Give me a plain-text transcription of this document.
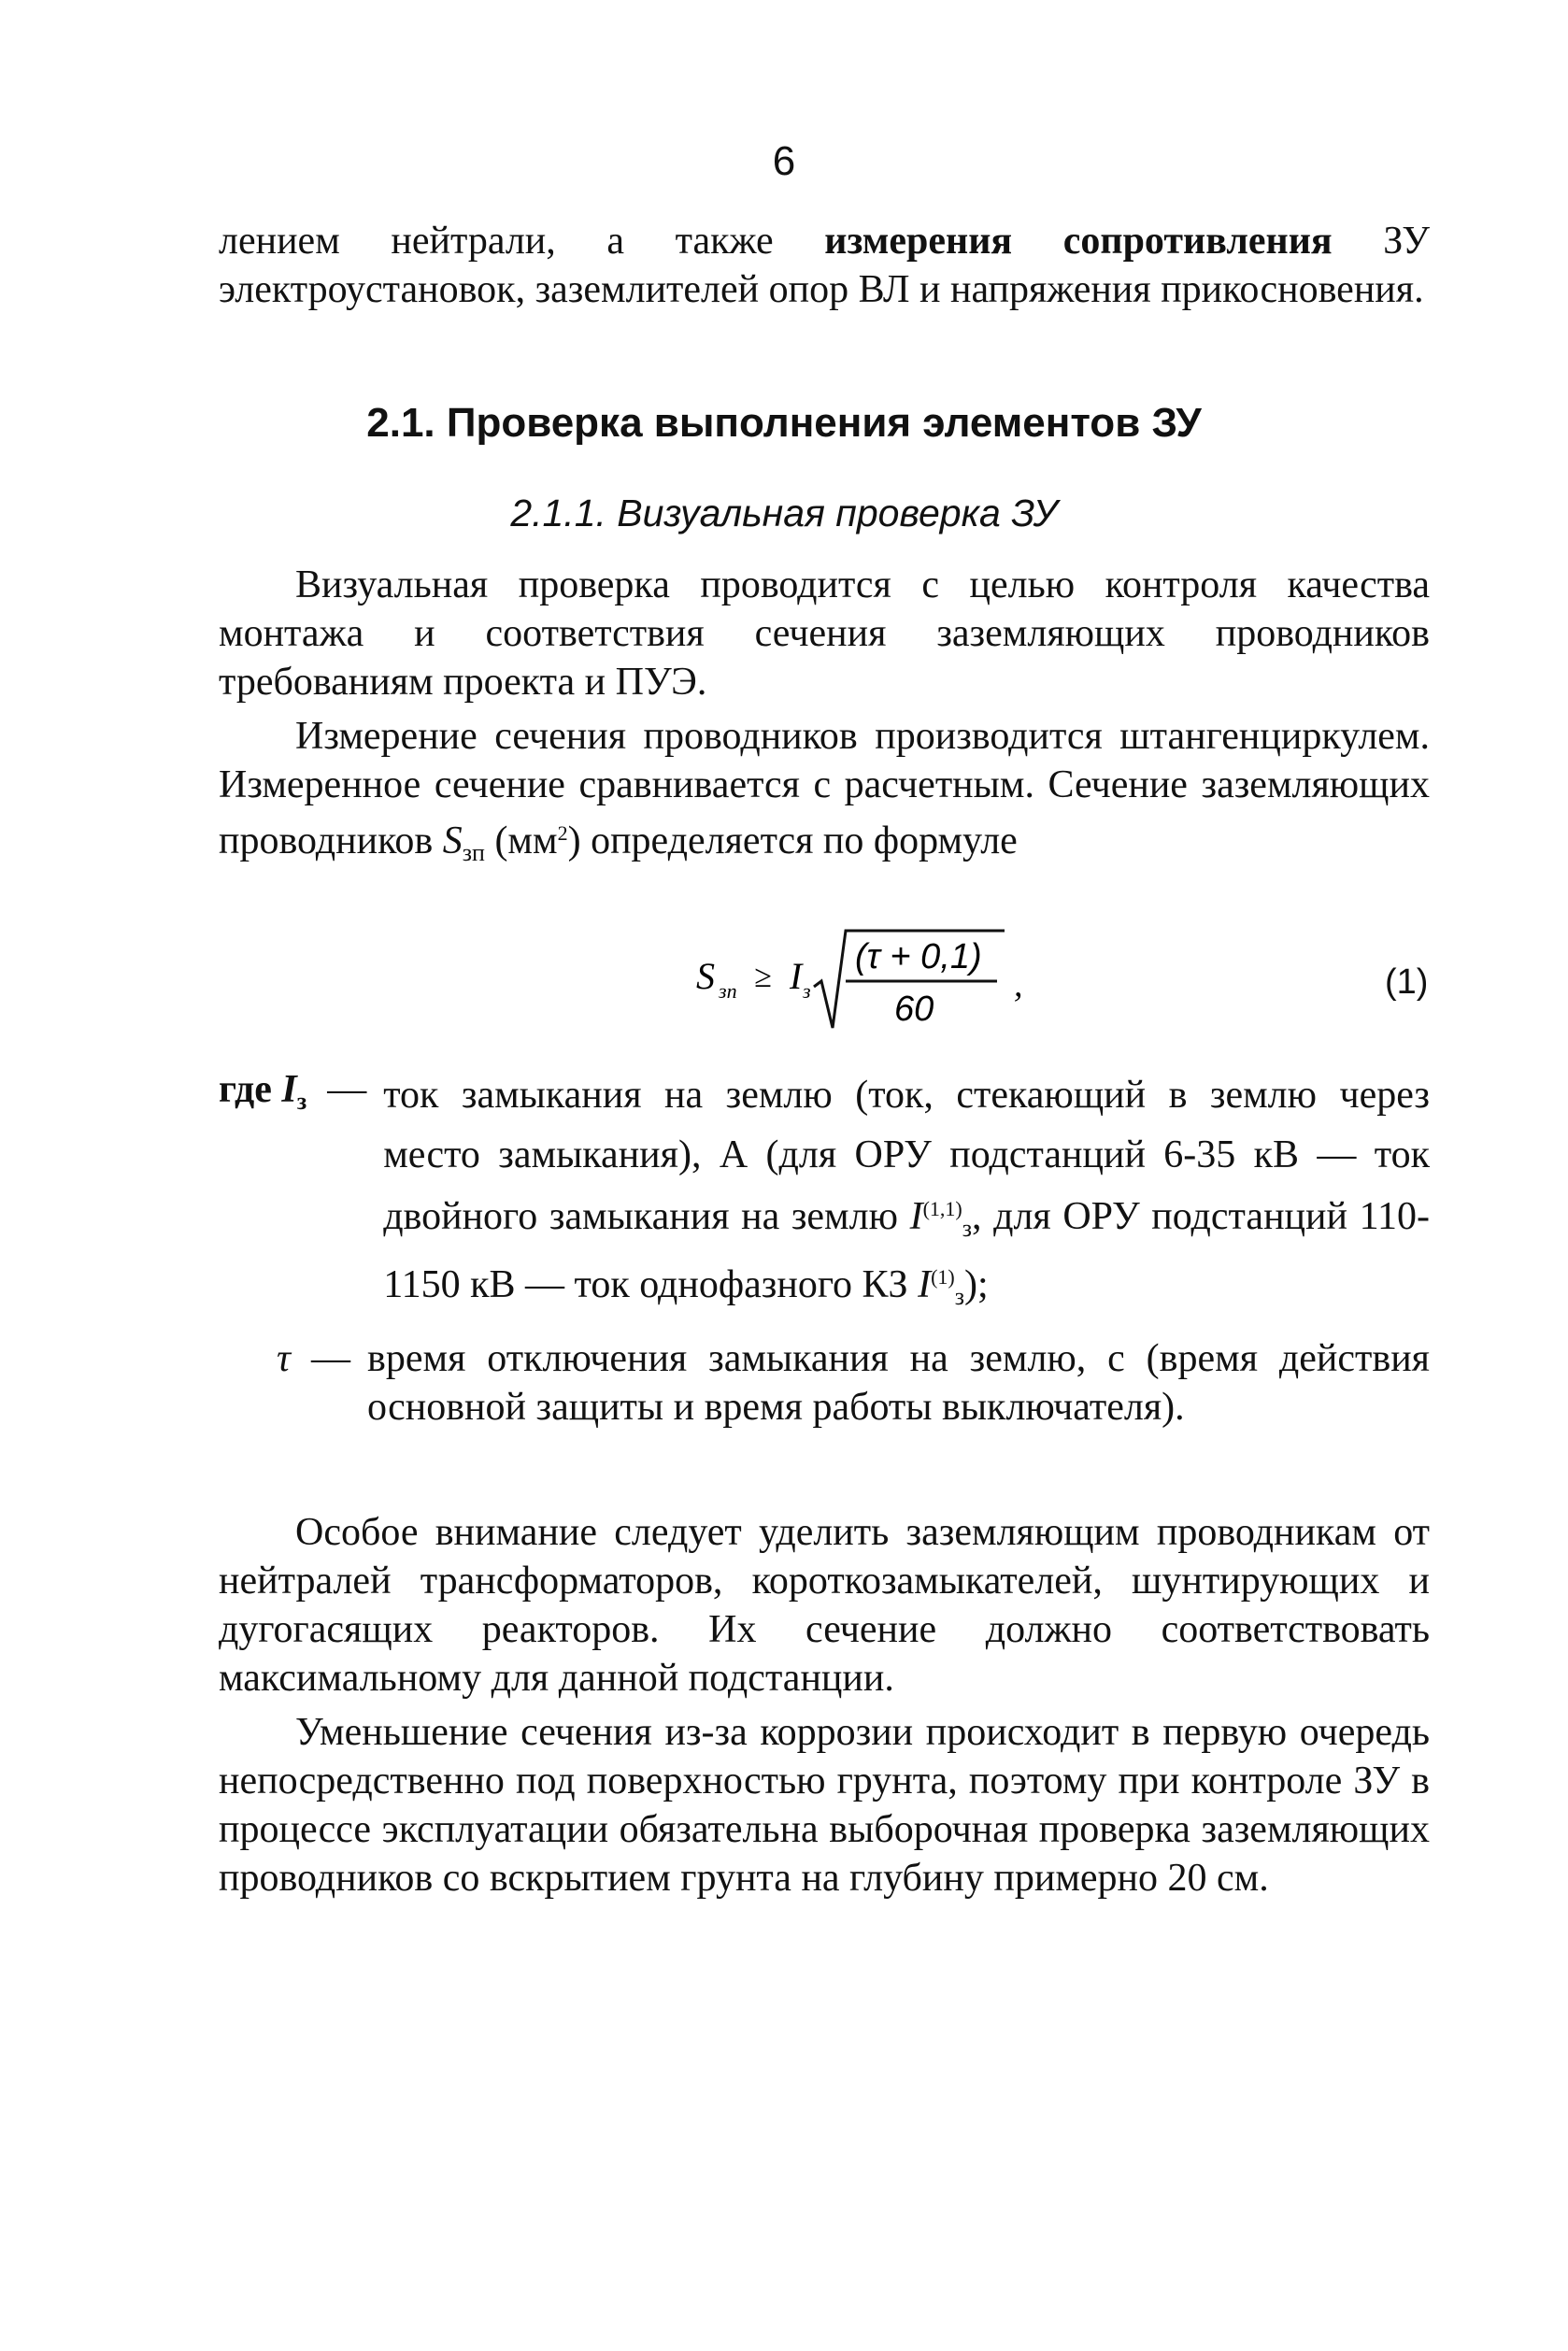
6

лением нейтрали, а также измерения сопротивления ЗУ электроустановок, заземлителей опор ВЛ и напряжения прикосновения.

2.1. Проверка выполнения элементов ЗУ
2.1.1. Визуальная проверка ЗУ

Визуальная проверка проводится с целью контроля качества монтажа и соответствия сечения заземляющих проводников требованиям проекта и ПУЭ.

Измерение сечения проводников производится штангенциркулем. Измеренное сечение сравнивается с расчетным. Сечение заземляющих проводников $S_{зп}$ $(мм^2)$ определяется по формуле

S зп ≥ I з
(τ + 0,1)
60
,	(1)
где $I_з$ — ток замыкания на землю (ток, стекающий в землю через место замыкания), А (для ОРУ подстанций 6-35 кВ — ток двойного замыкания на землю I$^{(1,1)}_з$, для ОРУ подстанций 110-1150 кВ — ток однофазного КЗ $I^{(1)}_з$);
τ — время отключения замыкания на землю, с (время действия основной защиты и время работы выключателя).

Особое внимание следует уделить заземляющим проводникам от нейтралей трансформаторов, короткозамыкателей, шунтирующих и дугогасящих реакторов. Их сечение должно соответствовать максимальному для данной подстанции.

Уменьшение сечения из-за коррозии происходит в первую очередь непосредственно под поверхностью грунта, поэтому при контроле ЗУ в процессе эксплуатации обязательна выборочная проверка заземляющих проводников со вскрытием грунта на глубину примерно 20 см.
